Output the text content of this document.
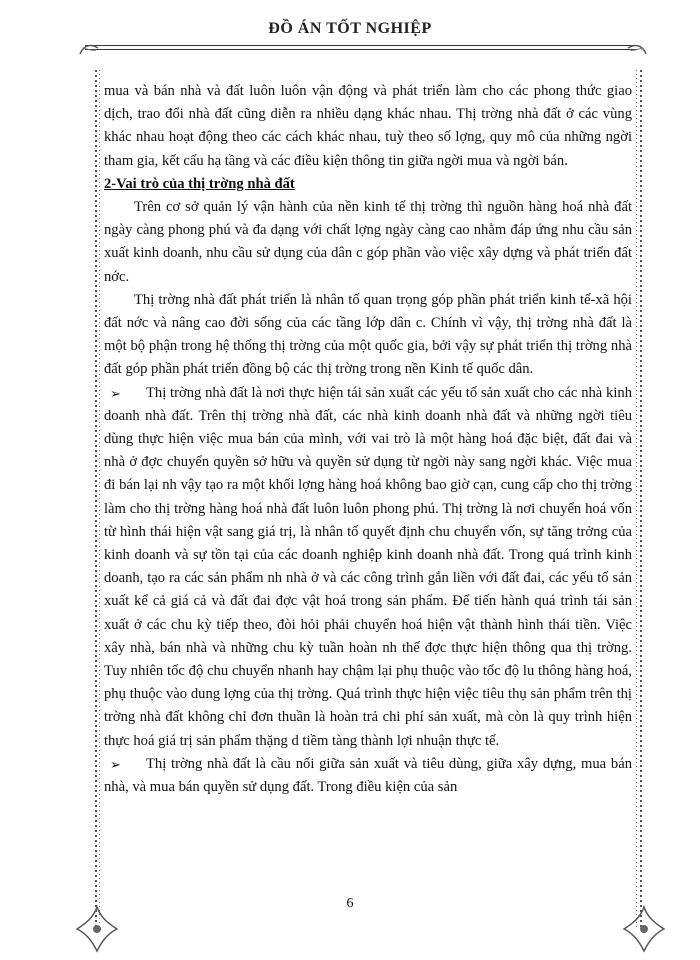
ĐỒ ÁN TỐT NGHIỆP

mua và bán nhà và đất luôn luôn vận động và phát triển làm cho các phong thức giao dịch, trao đổi nhà đất cũng diễn ra nhiều dạng khác nhau. Thị trờng nhà đất ở các vùng khác nhau hoạt động theo các cách khác nhau, tuỳ theo số lợng, quy mô của những ngời tham gia, kết cấu hạ tầng và các điều kiện thông tin giữa ngời mua và ngời bán.

2-Vai trò của thị trờng nhà đất

Trên cơ sở quản lý vận hành của nền kinh tế thị trờng thì nguồn hàng hoá nhà đất ngày càng phong phú và đa dạng với chất lợng ngày càng cao nhằm đáp ứng nhu cầu sản xuất kinh doanh, nhu cầu sử dụng của dân c góp phần vào việc xây dựng và phát triển đất nớc.

Thị trờng nhà đất phát triển là nhân tố quan trọng góp phần phát triển kinh tế-xã hội đất nớc và nâng cao đời sống của các tầng lớp dân c. Chính vì vậy, thị trờng nhà đất là một bộ phận trong hệ thống thị trờng của một quốc gia, bởi vậy sự phát triển thị trờng nhà đất góp phần phát triển đồng bộ các thị trờng trong nền Kinh tế quốc dân.

➢ Thị trờng nhà đất là nơi thực hiện tái sản xuất các yếu tố sản xuất cho các nhà kinh doanh nhà đất. Trên thị trờng nhà đất, các nhà kinh doanh nhà đất và những ngời tiêu dùng thực hiện việc mua bán của mình, với vai trò là một hàng hoá đặc biệt, đất đai và nhà ở đợc chuyển quyền sở hữu và quyền sử dụng từ ngời này sang ngời khác. Việc mua đi bán lại nh vậy tạo ra một khối lợng hàng hoá không bao giờ cạn, cung cấp cho thị trờng làm cho thị trờng hàng hoá nhà đất luôn luôn phong phú. Thị trờng là nơi chuyển hoá vốn từ hình thái hiện vật sang giá trị, là nhân tố quyết định chu chuyển vốn, sự tăng trởng của kinh doanh và sự tồn tại của các doanh nghiệp kinh doanh nhà đất. Trong quá trình kinh doanh, tạo ra các sản phẩm nh nhà ở và các công trình gắn liền với đất đai, các yếu tố sản xuất kể cả giá cả và đất đai đợc vật hoá trong sản phẩm. Để tiến hành quá trình tái sản xuất ở các chu kỳ tiếp theo, đòi hỏi phải chuyển hoá hiện vật thành hình thái tiền. Việc xây nhà, bán nhà và những chu kỳ tuần hoàn nh thế đợc thực hiện thông qua thị trờng. Tuy nhiên tốc độ chu chuyển nhanh hay chậm lại phụ thuộc vào tốc độ lu thông hàng hoá, phụ thuộc vào dung lợng của thị trờng. Quá trình thực hiện việc tiêu thụ sản phẩm trên thị trờng nhà đất không chỉ đơn thuần là hoàn trả chi phí sản xuất, mà còn là quy trình hiện thực hoá giá trị sản phẩm thặng d tiềm tàng thành lợi nhuận thực tế.

➢ Thị trờng nhà đất là cầu nối giữa sản xuất và tiêu dùng, giữa xây dựng, mua bán nhà, và mua bán quyền sử dụng đất. Trong điều kiện của sản

6
